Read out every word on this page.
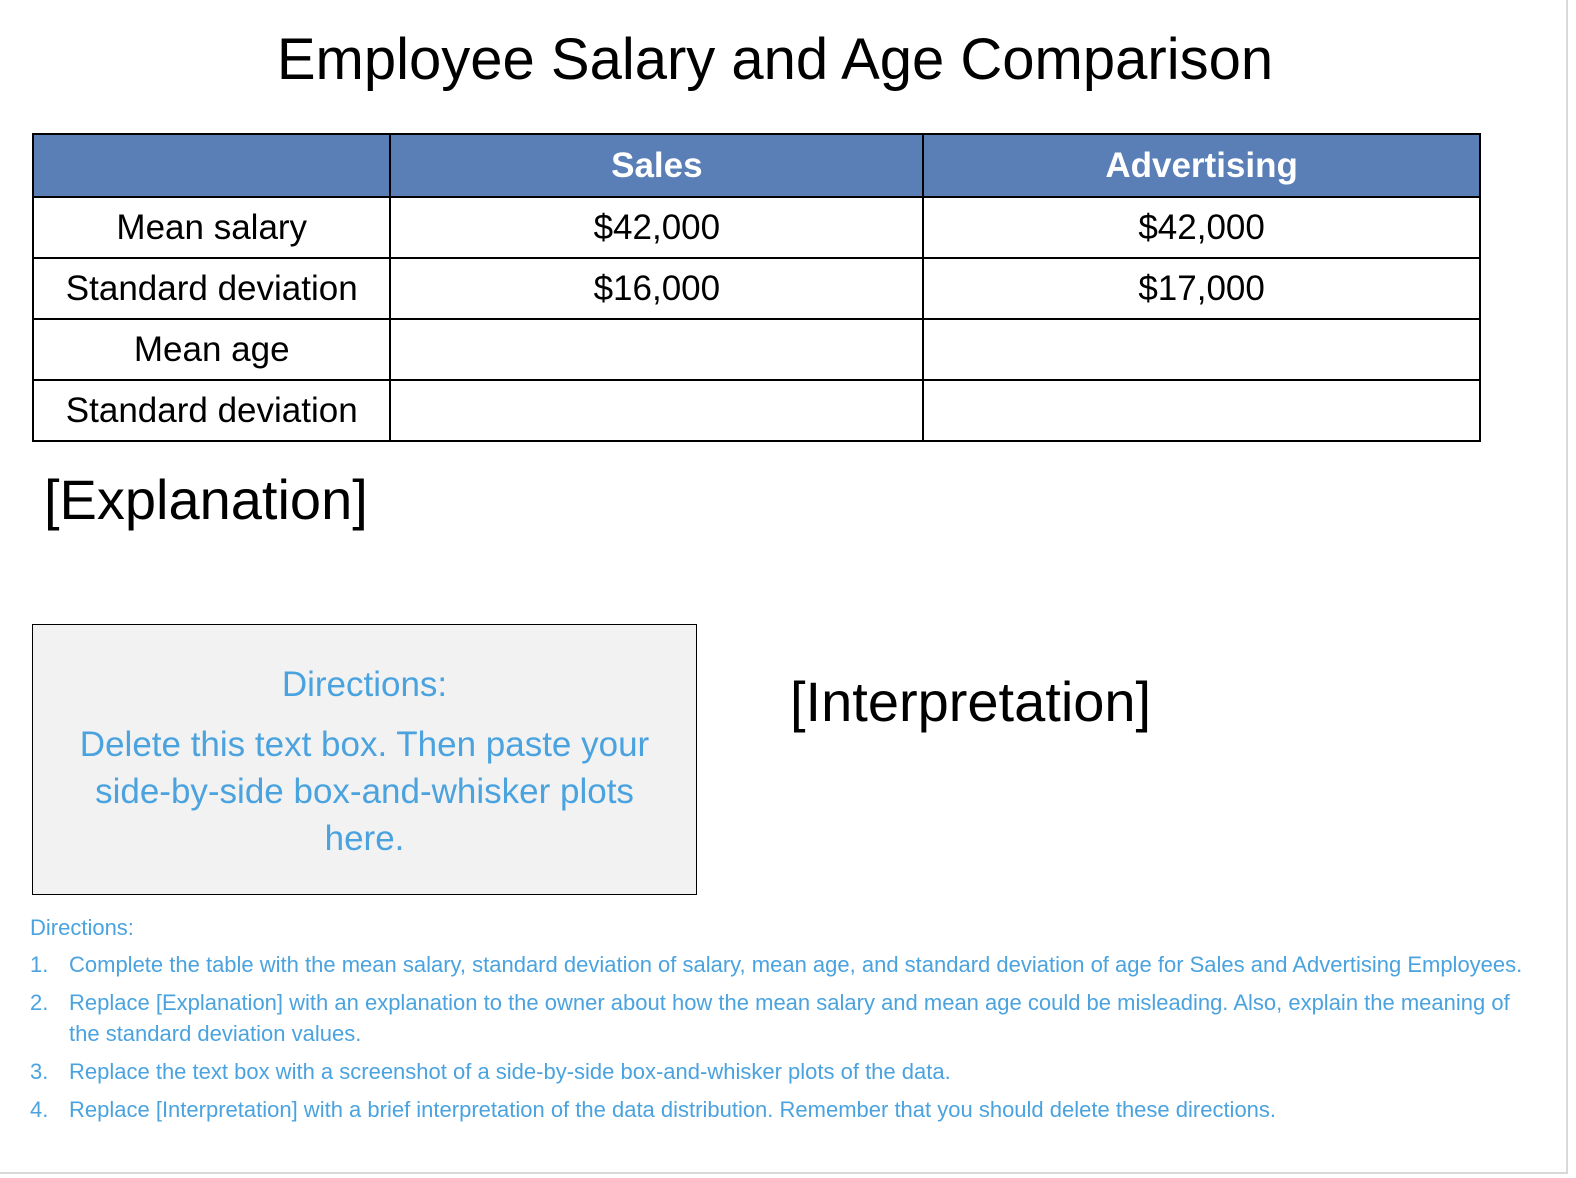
Employee Salary and Age Comparison
	Sales	Advertising
Mean salary	$42,000	$42,000
Standard deviation	$16,000	$17,000
Mean age		
Standard deviation		
[Explanation]
Directions:
Delete this text box. Then paste your side-by-side box-and-whisker plots here.
[Interpretation]
Directions:
1. Complete the table with the mean salary, standard deviation of salary, mean age, and standard deviation of age for Sales and Advertising Employees.
2. Replace [Explanation] with an explanation to the owner about how the mean salary and mean age could be misleading. Also, explain the meaning of the standard deviation values.
3. Replace the text box with a screenshot of a side-by-side box-and-whisker plots of the data.
4. Replace [Interpretation] with a brief interpretation of the data distribution. Remember that you should delete these directions.
